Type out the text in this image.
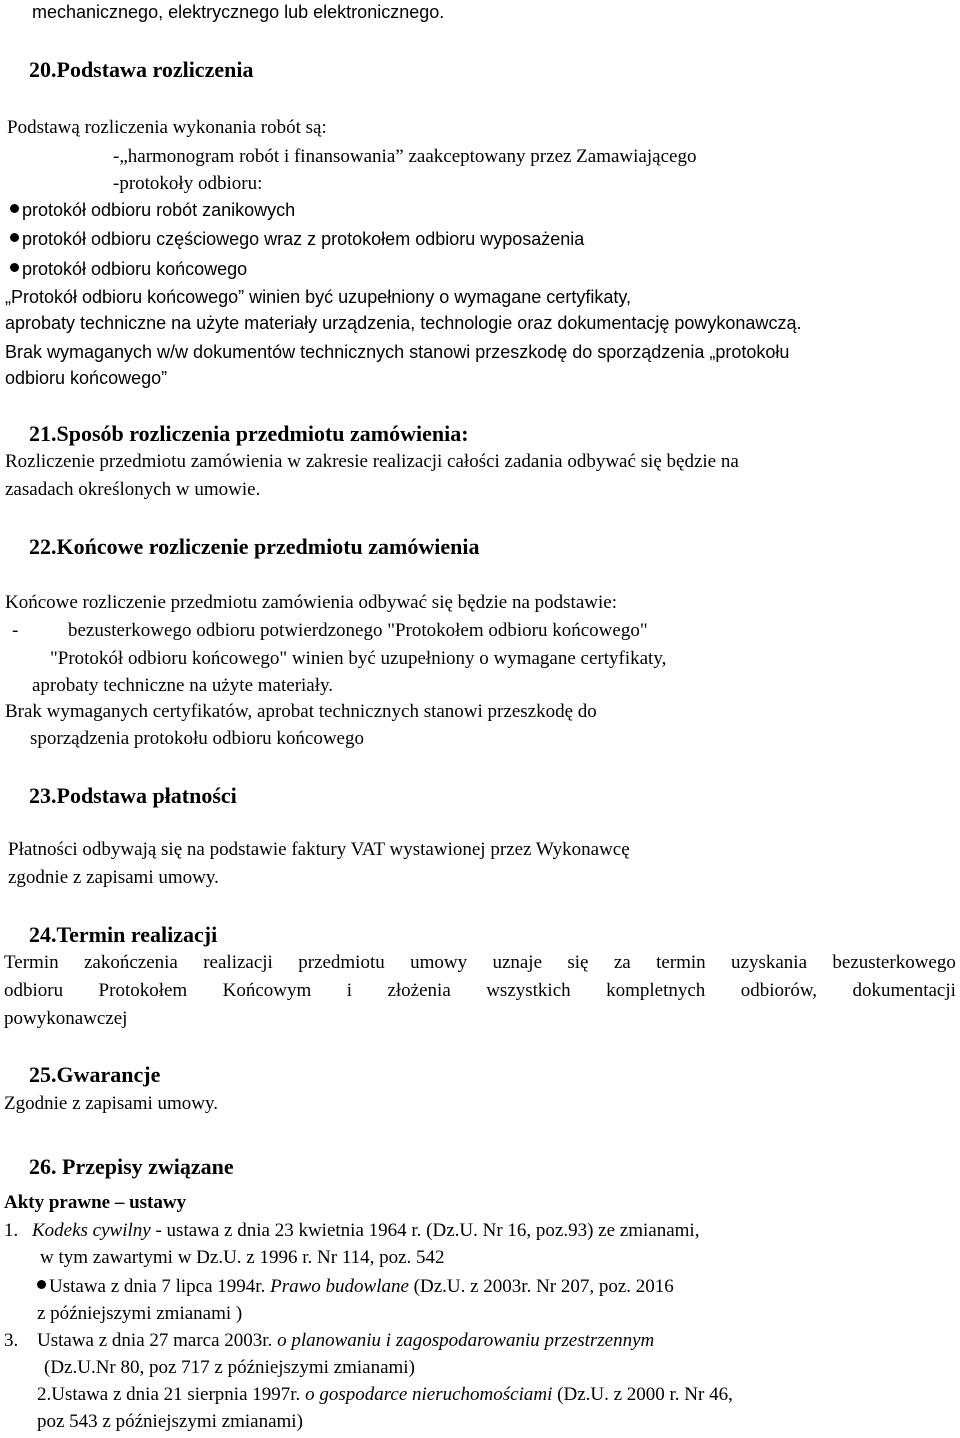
mechanicznego, elektrycznego lub elektronicznego.
20.Podstawa rozliczenia
Podstawą rozliczenia wykonania robót są:
-„harmonogram robót i finansowania” zaakceptowany przez Zamawiającego
-protokoły odbioru:
protokół odbioru robót zanikowych
protokół odbioru częściowego wraz z protokołem odbioru wyposażenia
protokół odbioru końcowego
„Protokół odbioru końcowego” winien być uzupełniony o wymagane certyfikaty,
aprobaty techniczne na użyte materiały urządzenia, technologie oraz dokumentację powykonawczą.
Brak wymaganych w/w dokumentów technicznych stanowi przeszkodę do sporządzenia „protokołu
odbioru końcowego”
21.Sposób rozliczenia przedmiotu zamówienia:
Rozliczenie przedmiotu zamówienia w zakresie realizacji całości zadania odbywać się będzie na
zasadach określonych w umowie.
22.Końcowe rozliczenie przedmiotu zamówienia
Końcowe rozliczenie przedmiotu zamówienia odbywać się będzie na podstawie:
-	bezusterkowego odbioru potwierdzonego "Protokołem odbioru końcowego"
"Protokół odbioru końcowego" winien być uzupełniony o wymagane certyfikaty,
aprobaty techniczne na użyte materiały.
Brak wymaganych certyfikatów, aprobat technicznych stanowi przeszkodę do
sporządzenia protokołu odbioru końcowego
23.Podstawa płatności
Płatności odbywają się na podstawie faktury VAT wystawionej przez Wykonawcę
zgodnie z zapisami umowy.
24.Termin realizacji
Termin zakończenia realizacji przedmiotu umowy uznaje się za termin uzyskania bezusterkowego
odbioru Protokołem Końcowym i złożenia wszystkich kompletnych odbiorów, dokumentacji
powykonawczej
25.Gwarancje
Zgodnie z zapisami umowy.
26. Przepisy związane
Akty prawne – ustawy
1. Kodeks cywilny - ustawa z dnia 23 kwietnia 1964 r. (Dz.U. Nr 16, poz.93) ze zmianami,
w tym zawartymi w Dz.U. z 1996 r. Nr 114, poz. 542
Ustawa z dnia 7 lipca 1994r. Prawo budowlane (Dz.U. z 2003r. Nr 207, poz. 2016
z późniejszymi zmianami )
3. Ustawa z dnia 27 marca 2003r. o planowaniu i zagospodarowaniu przestrzennym
(Dz.U.Nr 80, poz 717 z późniejszymi zmianami)
2.Ustawa z dnia 21 sierpnia 1997r. o gospodarce nieruchomościami (Dz.U. z 2000 r. Nr 46,
poz 543 z późniejszymi zmianami)
